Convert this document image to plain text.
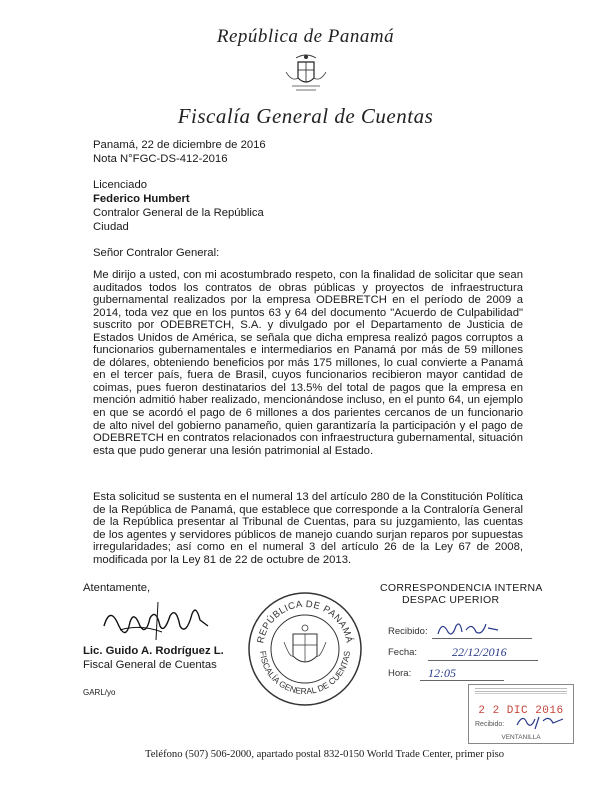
República de Panamá
Fiscalía General de Cuentas
Panamá, 22 de diciembre de 2016
Nota N°FGC-DS-412-2016
Licenciado
Federico Humbert
Contralor General de la República
Ciudad
Señor Contralor General:
Me dirijo a usted, con mi acostumbrado respeto, con la finalidad de solicitar que sean auditados todos los contratos de obras públicas y proyectos de infraestructura gubernamental realizados por la empresa ODEBRETCH en el período de 2009 a 2014, toda vez que en los puntos 63 y 64 del documento "Acuerdo de Culpabilidad" suscrito por ODEBRETCH, S.A. y divulgado por el Departamento de Justicia de Estados Unidos de América, se señala que dicha empresa realizó pagos corruptos a funcionarios gubernamentales e intermediarios en Panamá por más de 59 millones de dólares, obteniendo beneficios por más 175 millones, lo cual convierte a Panamá en el tercer país, fuera de Brasil, cuyos funcionarios recibieron mayor cantidad de coimas, pues fueron destinatarios del 13.5% del total de pagos que la empresa en mención admitió haber realizado, mencionándose incluso, en el punto 64, un ejemplo en que se acordó el pago de 6 millones a dos parientes cercanos de un funcionario de alto nivel del gobierno panameño, quien garantizaría la participación y el pago de ODEBRETCH en contratos relacionados con infraestructura gubernamental, situación esta que pudo generar una lesión patrimonial al Estado.
Esta solicitud se sustenta en el numeral 13 del artículo 280 de la Constitución Política de la República de Panamá, que establece que corresponde a la Contraloría General de la República presentar al Tribunal de Cuentas, para su juzgamiento, las cuentas de los agentes y servidores públicos de manejo cuando surjan reparos por supuestas irregularidades; así como en el numeral 3 del artículo 26 de la Ley 67 de 2008, modificada por la Ley 81 de 22 de octubre de 2013.
Atentamente,
Lic. Guido A. Rodríguez L.
Fiscal General de Cuentas
GARL/yo
REPÚBLICA DE PANAMÁ
FISCALÍA GENERAL DE CUENTAS
CORRESPONDENCIA INTERNA
DESPAC UPERIOR
Recibido:
Fecha:	22/12/2016
Hora: 12:05
2 2 DIC 2016
Recibido:
VENTANILLA
Teléfono (507) 506-2000, apartado postal 832-0150 World Trade Center, primer piso
